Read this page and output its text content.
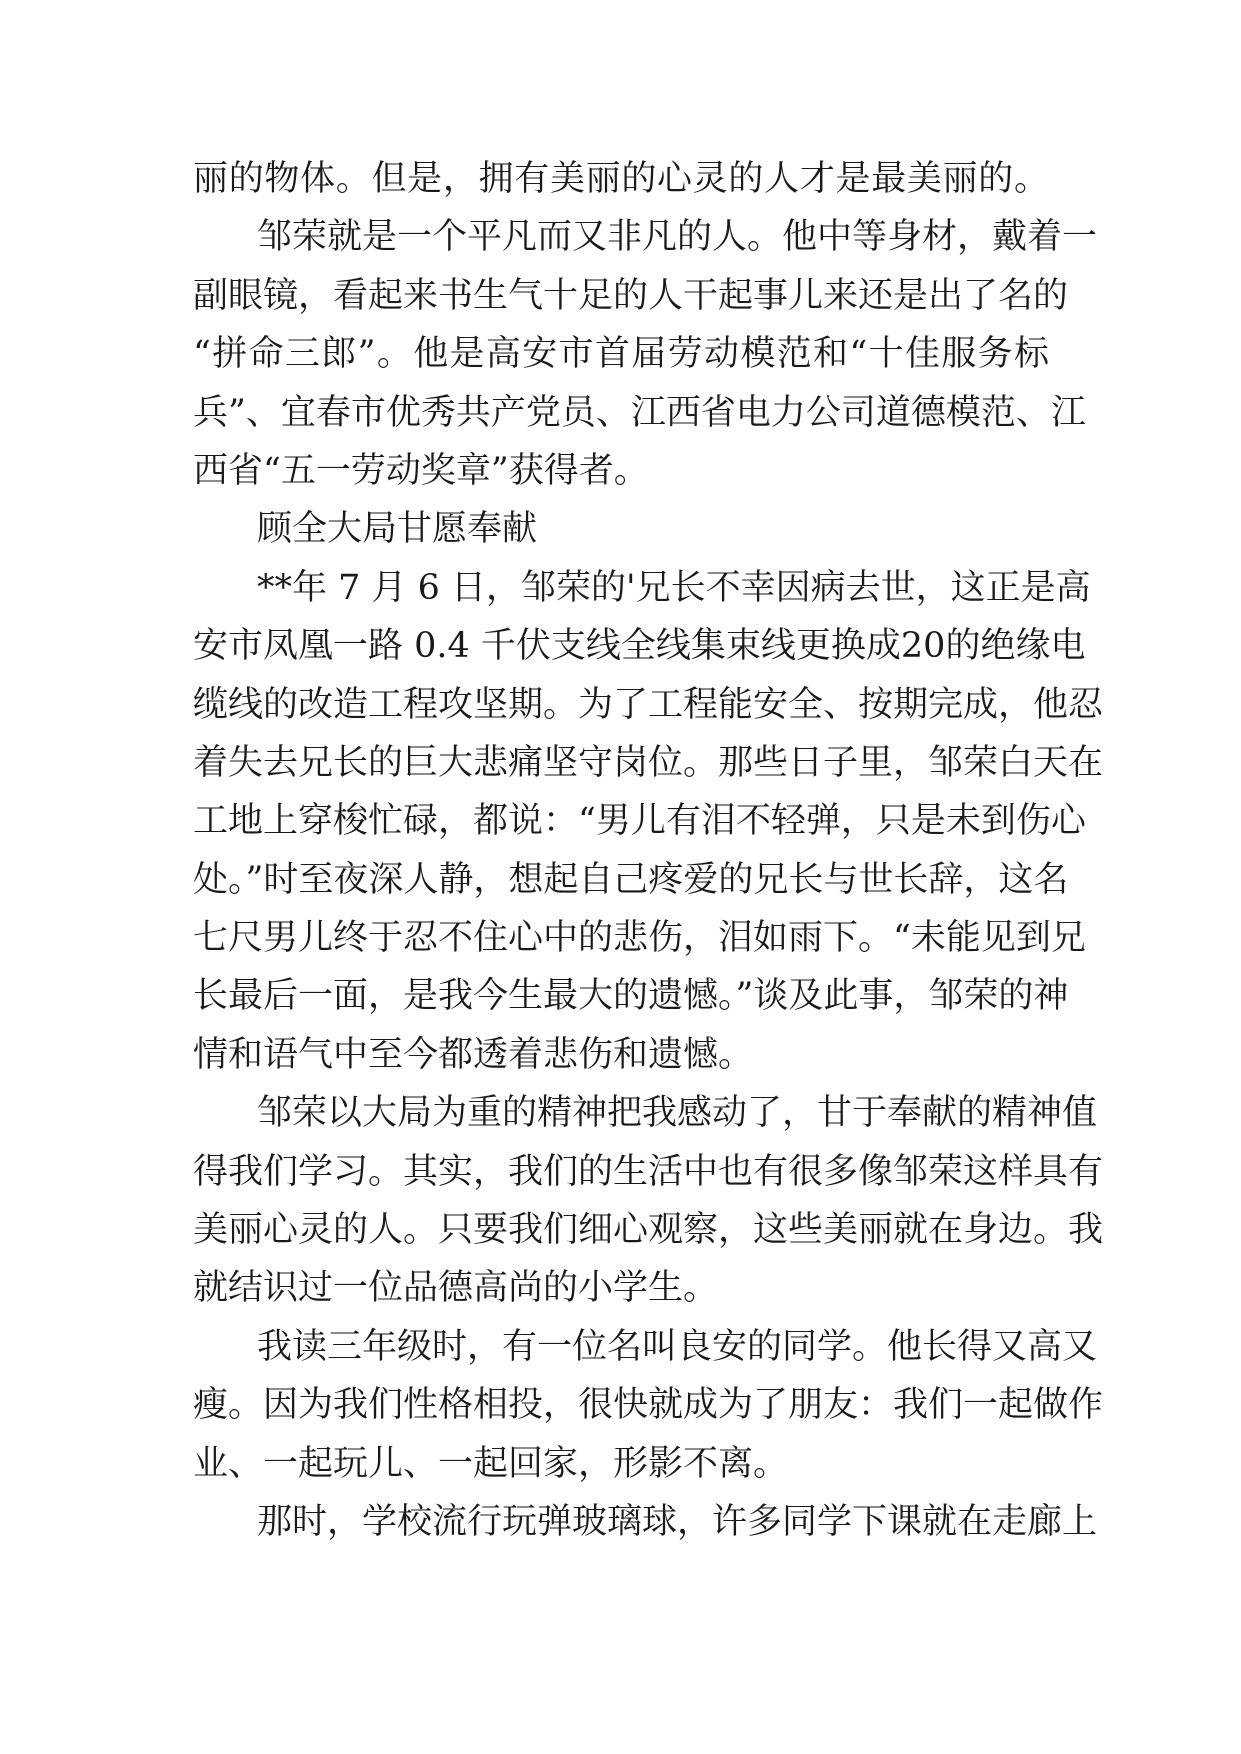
丽的物体。但是，拥有美丽的心灵的人才是最美丽的。
邹荣就是一个平凡而又非凡的人。他中等身材，戴着一
副眼镜，看起来书生气十足的人干起事儿来还是出了名的
“拼命三郎”。他是高安市首届劳动模范和“十佳服务标
兵”、宜春市优秀共产党员、江西省电力公司道德模范、江
西省“五一劳动奖章”获得者。
顾全大局甘愿奉献
**年 7 月 6 日，邹荣的'兄长不幸因病去世，这正是高
安市凤凰一路 0.4 千伏支线全线集束线更换成20的绝缘电
缆线的改造工程攻坚期。为了工程能安全、按期完成，他忍
着失去兄长的巨大悲痛坚守岗位。那些日子里，邹荣白天在
工地上穿梭忙碌，都说：“男儿有泪不轻弹，只是未到伤心
处。”时至夜深人静，想起自己疼爱的兄长与世长辞，这名
七尺男儿终于忍不住心中的悲伤，泪如雨下。“未能见到兄
长最后一面，是我今生最大的遗憾。”谈及此事，邹荣的神
情和语气中至今都透着悲伤和遗憾。
邹荣以大局为重的精神把我感动了，甘于奉献的精神值
得我们学习。其实，我们的生活中也有很多像邹荣这样具有
美丽心灵的人。只要我们细心观察，这些美丽就在身边。我
就结识过一位品德高尚的小学生。
我读三年级时，有一位名叫良安的同学。他长得又高又
瘦。因为我们性格相投，很快就成为了朋友：我们一起做作
业、一起玩儿、一起回家，形影不离。
那时，学校流行玩弹玻璃球，许多同学下课就在走廊上
